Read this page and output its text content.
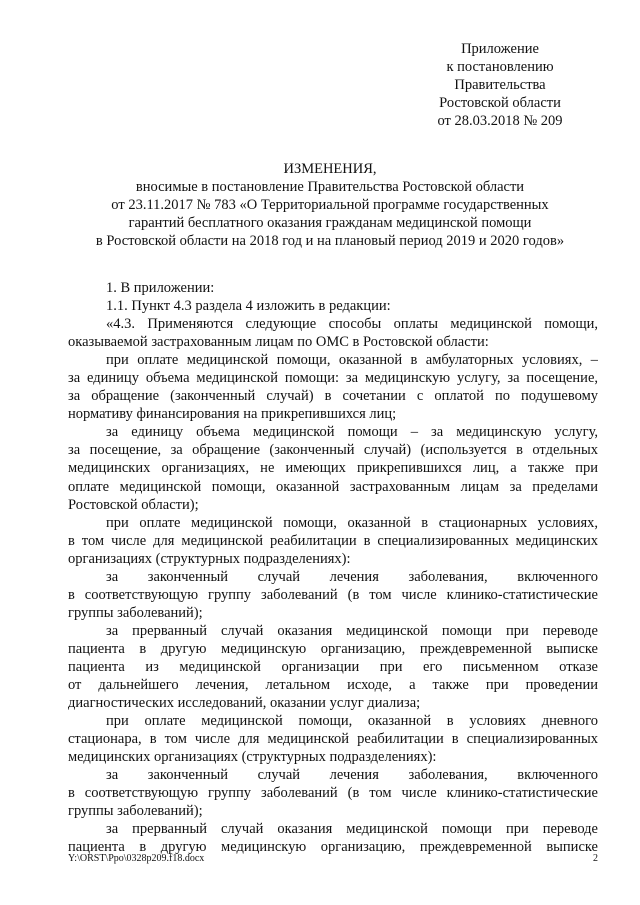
Приложение
к постановлению
Правительства
Ростовской области
от 28.03.2018 № 209
ИЗМЕНЕНИЯ,
вносимые в постановление Правительства Ростовской области
от 23.11.2017 № 783 «О Территориальной программе государственных
гарантий бесплатного оказания гражданам медицинской помощи
в Ростовской области на 2018 год и на плановый период 2019 и 2020 годов»
1. В приложении:
1.1. Пункт 4.3 раздела 4 изложить в редакции:
«4.3. Применяются следующие способы оплаты медицинской помощи,
оказываемой застрахованным лицам по ОМС в Ростовской области:
при оплате медицинской помощи, оказанной в амбулаторных условиях, –
за единицу объема медицинской помощи: за медицинскую услугу, за посещение,
за обращение (законченный случай) в сочетании с оплатой по подушевому
нормативу финансирования на прикрепившихся лиц;
за единицу объема медицинской помощи – за медицинскую услугу,
за посещение, за обращение (законченный случай) (используется в отдельных
медицинских организациях, не имеющих прикрепившихся лиц, а также при
оплате медицинской помощи, оказанной застрахованным лицам за пределами
Ростовской области);
при оплате медицинской помощи, оказанной в стационарных условиях,
в том числе для медицинской реабилитации в специализированных медицинских
организациях (структурных подразделениях):
за законченный случай лечения заболевания, включенного
в соответствующую группу заболеваний (в том числе клинико-статистические
группы заболеваний);
за прерванный случай оказания медицинской помощи при переводе
пациента в другую медицинскую организацию, преждевременной выписке
пациента из медицинской организации при его письменном отказе
от дальнейшего лечения, летальном исходе, а также при проведении
диагностических исследований, оказании услуг диализа;
при оплате медицинской помощи, оказанной в условиях дневного
стационара, в том числе для медицинской реабилитации в специализированных
медицинских организациях (структурных подразделениях):
за законченный случай лечения заболевания, включенного
в соответствующую группу заболеваний (в том числе клинико-статистические
группы заболеваний);
за прерванный случай оказания медицинской помощи при переводе
пациента в другую медицинскую организацию, преждевременной выписке
Y:\ORST\Ppo\0328p209.f18.docx	2
